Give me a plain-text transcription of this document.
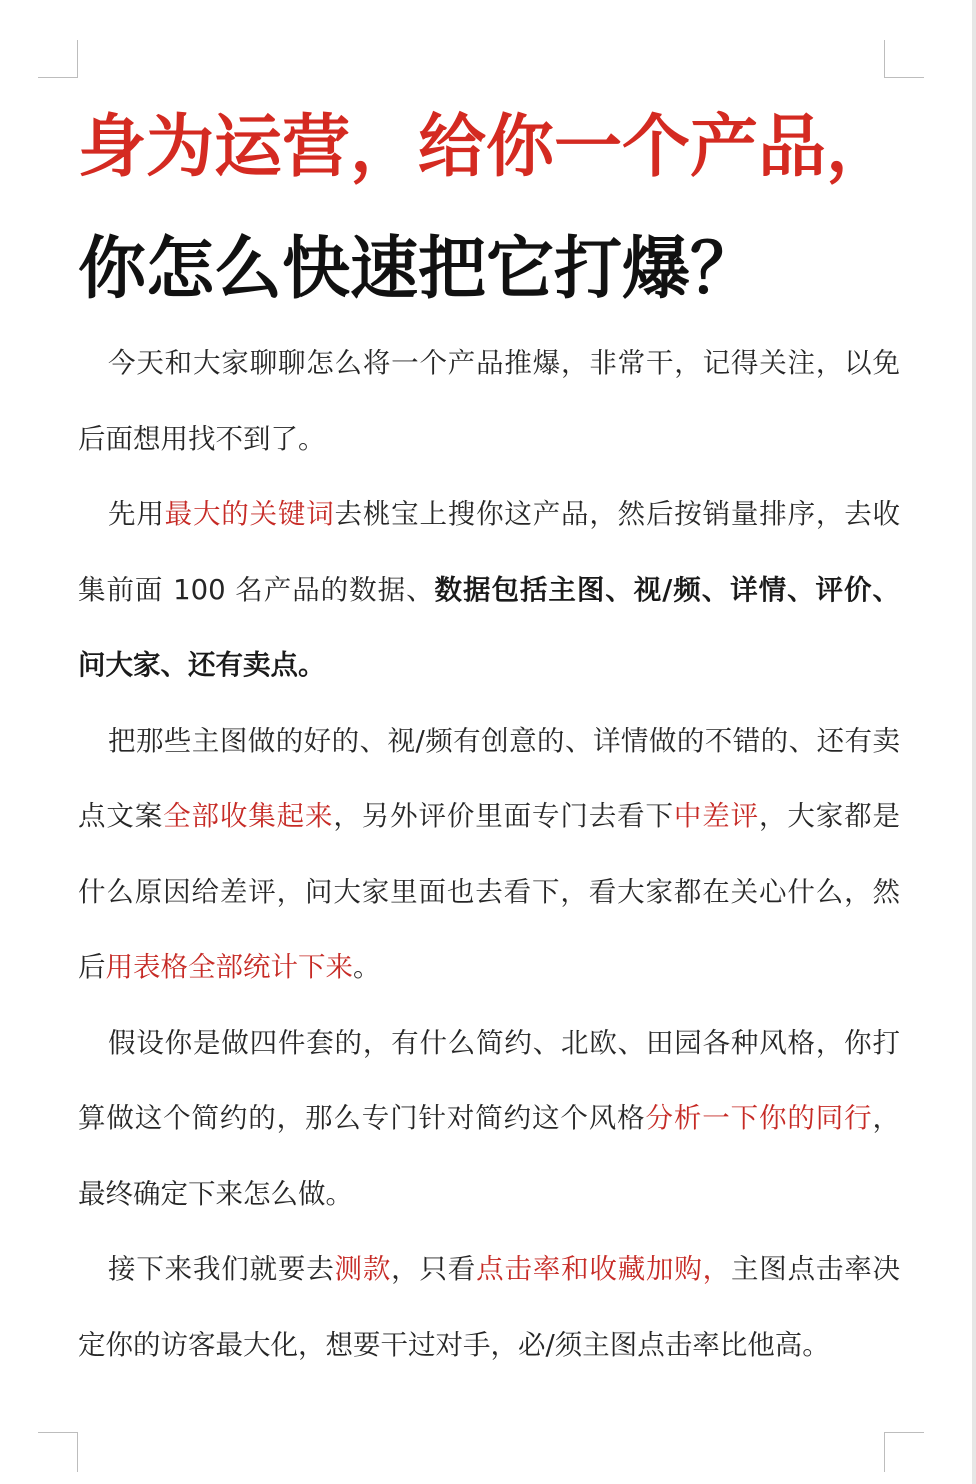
身为运营，给你一个产品，
你怎么快速把它打爆？

今天和大家聊聊怎么将一个产品推爆，非常干，记得关注，以免后面想用找不到了。

先用最大的关键词去桃宝上搜你这产品，然后按销量排序，去收集前面 100 名产品的数据、数据包括主图、视/频、详情、评价、问大家、还有卖点。

把那些主图做的好的、视/频有创意的、详情做的不错的、还有卖点文案全部收集起来，另外评价里面专门去看下中差评，大家都是什么原因给差评，问大家里面也去看下，看大家都在关心什么，然后用表格全部统计下来。

假设你是做四件套的，有什么简约、北欧、田园各种风格，你打算做这个简约的，那么专门针对简约这个风格分析一下你的同行，最终确定下来怎么做。

接下来我们就要去测款，只看点击率和收藏加购，主图点击率决定你的访客最大化，想要干过对手，必/须主图点击率比他高。
